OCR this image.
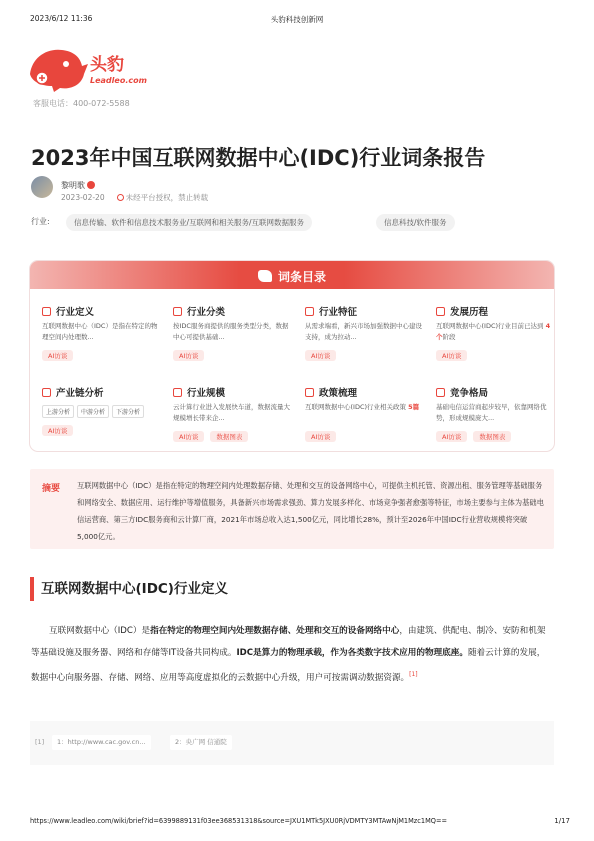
2023/6/12 11:36	头豹科技创新网
头豹
Leadleo.com
客服电话：400-072-5588
2023年中国互联网数据中心(IDC)行业词条报告
黎明歌
2023-02-20	未经平台授权，禁止转载
行业:	信息传输、软件和信息技术服务业/互联网和相关服务/互联网数据服务	信息科技/软件服务
词条目录
行业定义
互联网数据中心（IDC）是指在特定的物理空间内处理数...
AI访谈
行业分类
按IDC服务商提供的服务类型分类，数据中心可提供基础...
AI访谈
行业特征
从需求端看，新兴市场加强数据中心建设支持，成为拉动...
AI访谈
发展历程
互联网数据中心(IDC)行业目前已达到 4个阶段
AI访谈
产业链分析
上游分析 中游分析 下游分析
AI访谈
行业规模
云计算行业进入发展快车道，数据流量大规模增长带来企...
AI访谈	数据图表
政策梳理
互联网数据中心(IDC)行业相关政策 5篇
AI访谈
竞争格局
基础电信运营商起步较早，依靠网络优势，形成规模庞大...
AI访谈	数据图表
摘要 互联网数据中心（IDC）是指在特定的物理空间内处理数据存储、处理和交互的设备网络中心，可提供主机托管、资源出租、服务管理等基础服务和网络安全、数据应用、运行维护等增值服务，具备新兴市场需求强劲、算力发展多样化、市场竞争强者愈强等特征，市场主要参与主体为基础电信运营商、第三方IDC服务商和云计算厂商，2021年市场总收入达1,500亿元，同比增长28%，预计至2026年中国IDC行业营收规模将突破5,000亿元。
互联网数据中心(IDC)行业定义
互联网数据中心（IDC）是指在特定的物理空间内处理数据存储、处理和交互的设备网络中心，由建筑、供配电、制冷、安防和机架等基础设施及服务器、网络和存储等IT设备共同构成。IDC是算力的物理承载，作为各类数字技术应用的物理底座。随着云计算的发展，数据中心向服务器、存储、网络、应用等高度虚拟化的云数据中心升级，用户可按需调动数据资源。[1]
[1]	1：http://www.cac.gov.cn...	2：央广网 信通院
https://www.leadleo.com/wiki/brief?id=6399889131f03ee368531318&source=JXU1MTk5JXU0RjVDMTY3MTAwNjM1Mzc1MQ==	1/17
